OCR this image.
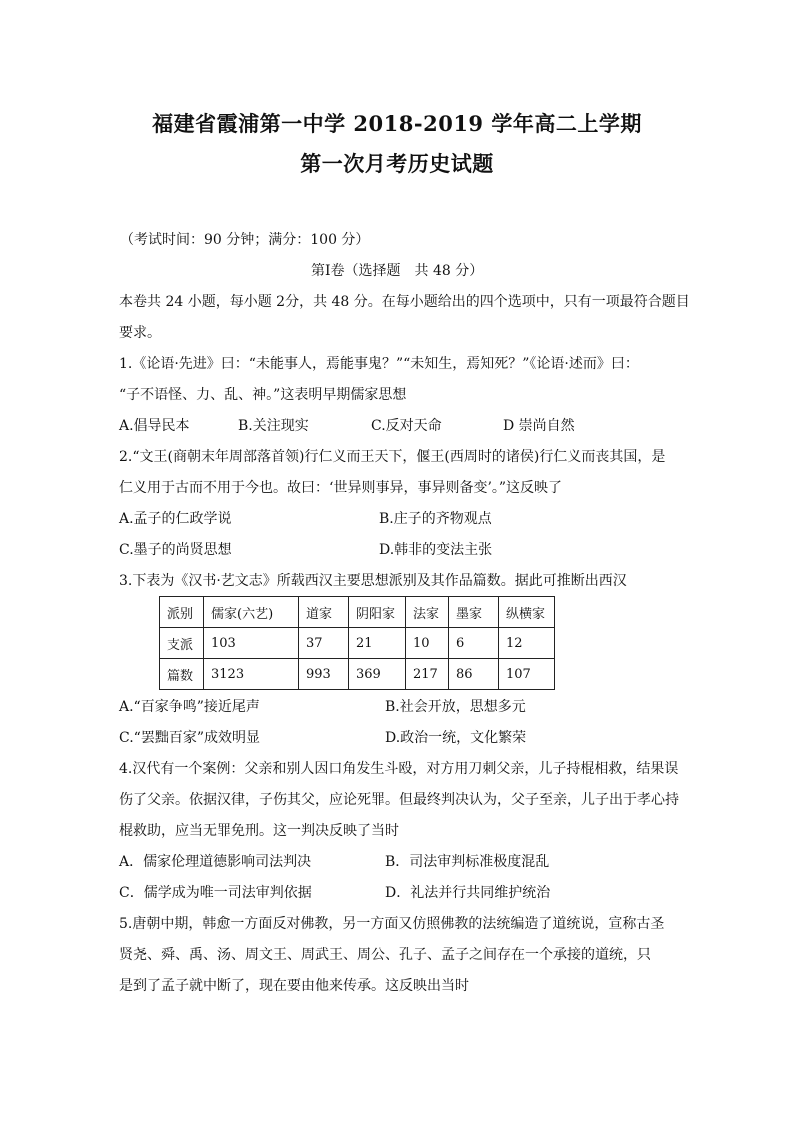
福建省霞浦第一中学 2018-2019 学年高二上学期
第一次月考历史试题
（考试时间：90 分钟；满分：100 分）
第Ⅰ卷（选择题　共 48 分）
本卷共 24 小题，每小题 2分，共 48 分。在每小题给出的四个选项中，只有一项最符合题目
要求。
1.《论语·先进》曰：“未能事人，焉能事鬼？”“未知生，焉知死？”《论语·述而》曰：
“子不语怪、力、乱、神。”这表明早期儒家思想
A.倡导民本	B.关注现实	C.反对天命	D 崇尚自然
2.“文王(商朝末年周部落首领)行仁义而王天下，偃王(西周时的诸侯)行仁义而丧其国，是
仁义用于古而不用于今也。故曰：‘世异则事异，事异则备变’。”这反映了
A.孟子的仁政学说	B.庄子的齐物观点
C.墨子的尚贤思想	D.韩非的变法主张
3.下表为《汉书·艺文志》所载西汉主要思想派别及其作品篇数。据此可推断出西汉
派别	儒家(六艺)	道家	阴阳家	法家	墨家	纵横家
支派	103	37	21	10	6	12
篇数	3123	993	369	217	86	107
A.“百家争鸣”接近尾声	B.社会开放，思想多元
C.“罢黜百家”成效明显	D.政治一统，文化繁荣
4.汉代有一个案例：父亲和别人因口角发生斗殴，对方用刀刺父亲，儿子持棍相救，结果误
伤了父亲。依据汉律，子伤其父，应论死罪。但最终判决认为，父子至亲，儿子出于孝心持
棍救助，应当无罪免刑。这一判决反映了当时
A．儒家伦理道德影响司法判决	B．司法审判标准极度混乱
C．儒学成为唯一司法审判依据	D．礼法并行共同维护统治
5.唐朝中期，韩愈一方面反对佛教，另一方面又仿照佛教的法统编造了道统说，宣称古圣
贤尧、舜、禹、汤、周文王、周武王、周公、孔子、孟子之间存在一个承接的道统，只
是到了孟子就中断了，现在要由他来传承。这反映出当时
